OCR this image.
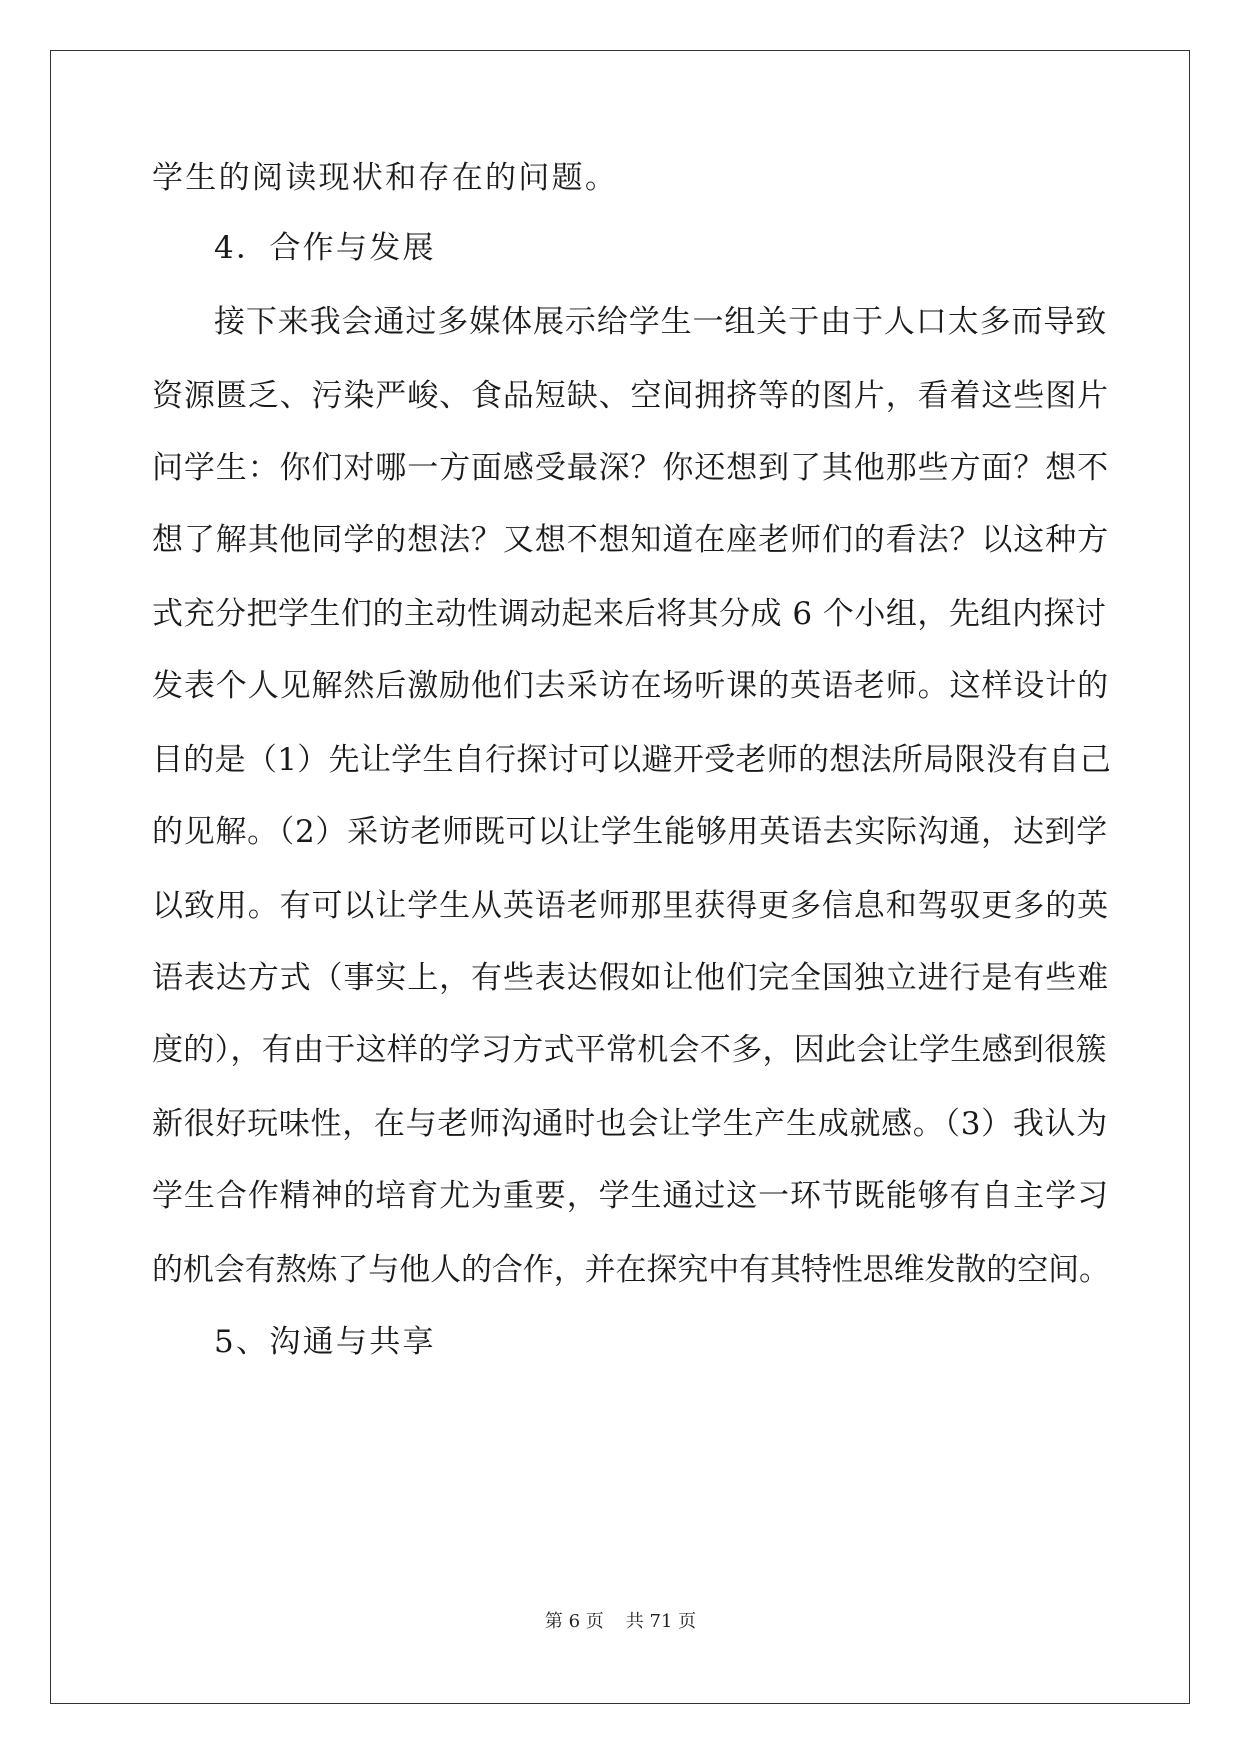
学生的阅读现状和存在的问题。
4．合作与发展
接下来我会通过多媒体展示给学生一组关于由于人口太多而导致
资源匮乏、污染严峻、食品短缺、空间拥挤等的图片，看着这些图片
问学生：你们对哪一方面感受最深？你还想到了其他那些方面？想不
想了解其他同学的想法？又想不想知道在座老师们的看法？以这种方
式充分把学生们的主动性调动起来后将其分成 6 个小组，先组内探讨
发表个人见解然后激励他们去采访在场听课的英语老师。这样设计的
目的是（1）先让学生自行探讨可以避开受老师的想法所局限没有自己
的见解。（2）采访老师既可以让学生能够用英语去实际沟通，达到学
以致用。有可以让学生从英语老师那里获得更多信息和驾驭更多的英
语表达方式（事实上，有些表达假如让他们完全国独立进行是有些难
度的），有由于这样的学习方式平常机会不多，因此会让学生感到很簇
新很好玩味性，在与老师沟通时也会让学生产生成就感。（3）我认为
学生合作精神的培育尤为重要，学生通过这一环节既能够有自主学习
的机会有熬炼了与他人的合作，并在探究中有其特性思维发散的空间。
5、沟通与共享
第 6 页 共 71 页
